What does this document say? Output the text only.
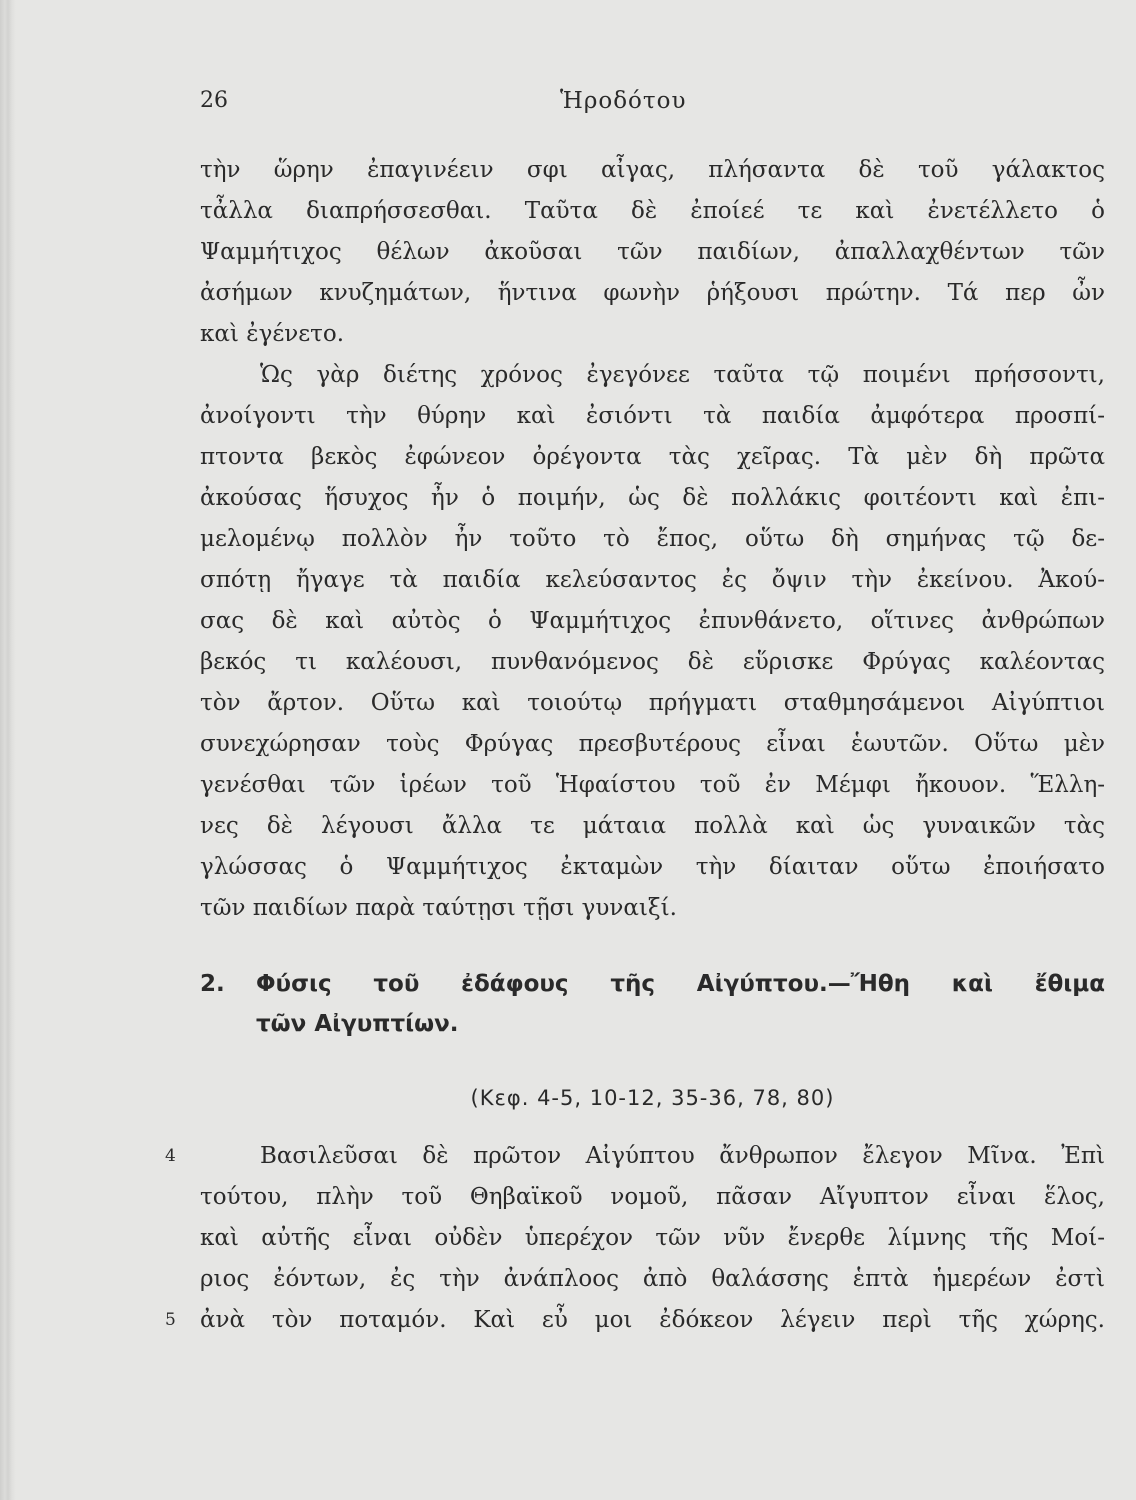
26	Ἡροδότου
τὴν ὥρην ἐπαγινέειν σφι αἶγας, πλήσαντα δὲ τοῦ γάλακτος
τἆλλα διαπρήσσεσθαι. Ταῦτα δὲ ἐποίεέ τε καὶ ἐνετέλλετο ὁ
Ψαμμήτιχος θέλων ἀκοῦσαι τῶν παιδίων, ἀπαλλαχθέντων τῶν
ἀσήμων κνυζημάτων, ἥντινα φωνὴν ῥήξουσι πρώτην. Τά περ ὦν
καὶ ἐγένετο.
Ὡς γὰρ διέτης χρόνος ἐγεγόνεε ταῦτα τῷ ποιμένι πρήσσοντι,
ἀνοίγοντι τὴν θύρην καὶ ἐσιόντι τὰ παιδία ἀμφότερα προσπί-
πτοντα βεκὸς ἐφώνεον ὀρέγοντα τὰς χεῖρας. Τὰ μὲν δὴ πρῶτα
ἀκούσας ἥσυχος ἦν ὁ ποιμήν, ὡς δὲ πολλάκις φοιτέοντι καὶ ἐπι-
μελομένῳ πολλὸν ἦν τοῦτο τὸ ἔπος, οὕτω δὴ σημήνας τῷ δε-
σπότῃ ἤγαγε τὰ παιδία κελεύσαντος ἐς ὄψιν τὴν ἐκείνου. Ἀκού-
σας δὲ καὶ αὐτὸς ὁ Ψαμμήτιχος ἐπυνθάνετο, οἵτινες ἀνθρώπων
βεκός τι καλέουσι, πυνθανόμενος δὲ εὕρισκε Φρύγας καλέοντας
τὸν ἄρτον. Οὕτω καὶ τοιούτῳ πρήγματι σταθμησάμενοι Αἰγύπτιοι
συνεχώρησαν τοὺς Φρύγας πρεσβυτέρους εἶναι ἑωυτῶν. Οὕτω μὲν
γενέσθαι τῶν ἱρέων τοῦ Ἡφαίστου τοῦ ἐν Μέμφι ἤκουον. Ἕλλη-
νες δὲ λέγουσι ἄλλα τε μάταια πολλὰ καὶ ὡς γυναικῶν τὰς
γλώσσας ὁ Ψαμμήτιχος ἐκταμὼν τὴν δίαιταν οὕτω ἐποιήσατο
τῶν παιδίων παρὰ ταύτῃσι τῇσι γυναιξί.
2. Φύσις τοῦ ἐδάφους τῆς Αἰγύπτου.—Ἤθη καὶ ἔθιμα
τῶν Αἰγυπτίων.
(Κεφ. 4-5, 10-12, 35-36, 78, 80)
Βασιλεῦσαι δὲ πρῶτον Αἰγύπτου ἄνθρωπον ἔλεγον Μῖνα. Ἐπὶ
τούτου, πλὴν τοῦ Θηβαϊκοῦ νομοῦ, πᾶσαν Αἴγυπτον εἶναι ἕλος,
καὶ αὐτῆς εἶναι οὐδὲν ὑπερέχον τῶν νῦν ἔνερθε λίμνης τῆς Μοί-
ριος ἐόντων, ἐς τὴν ἀνάπλοος ἀπὸ θαλάσσης ἑπτὰ ἡμερέων ἐστὶ
ἀνὰ τὸν ποταμόν. Καὶ εὖ μοι ἐδόκεον λέγειν περὶ τῆς χώρης.
4
5
